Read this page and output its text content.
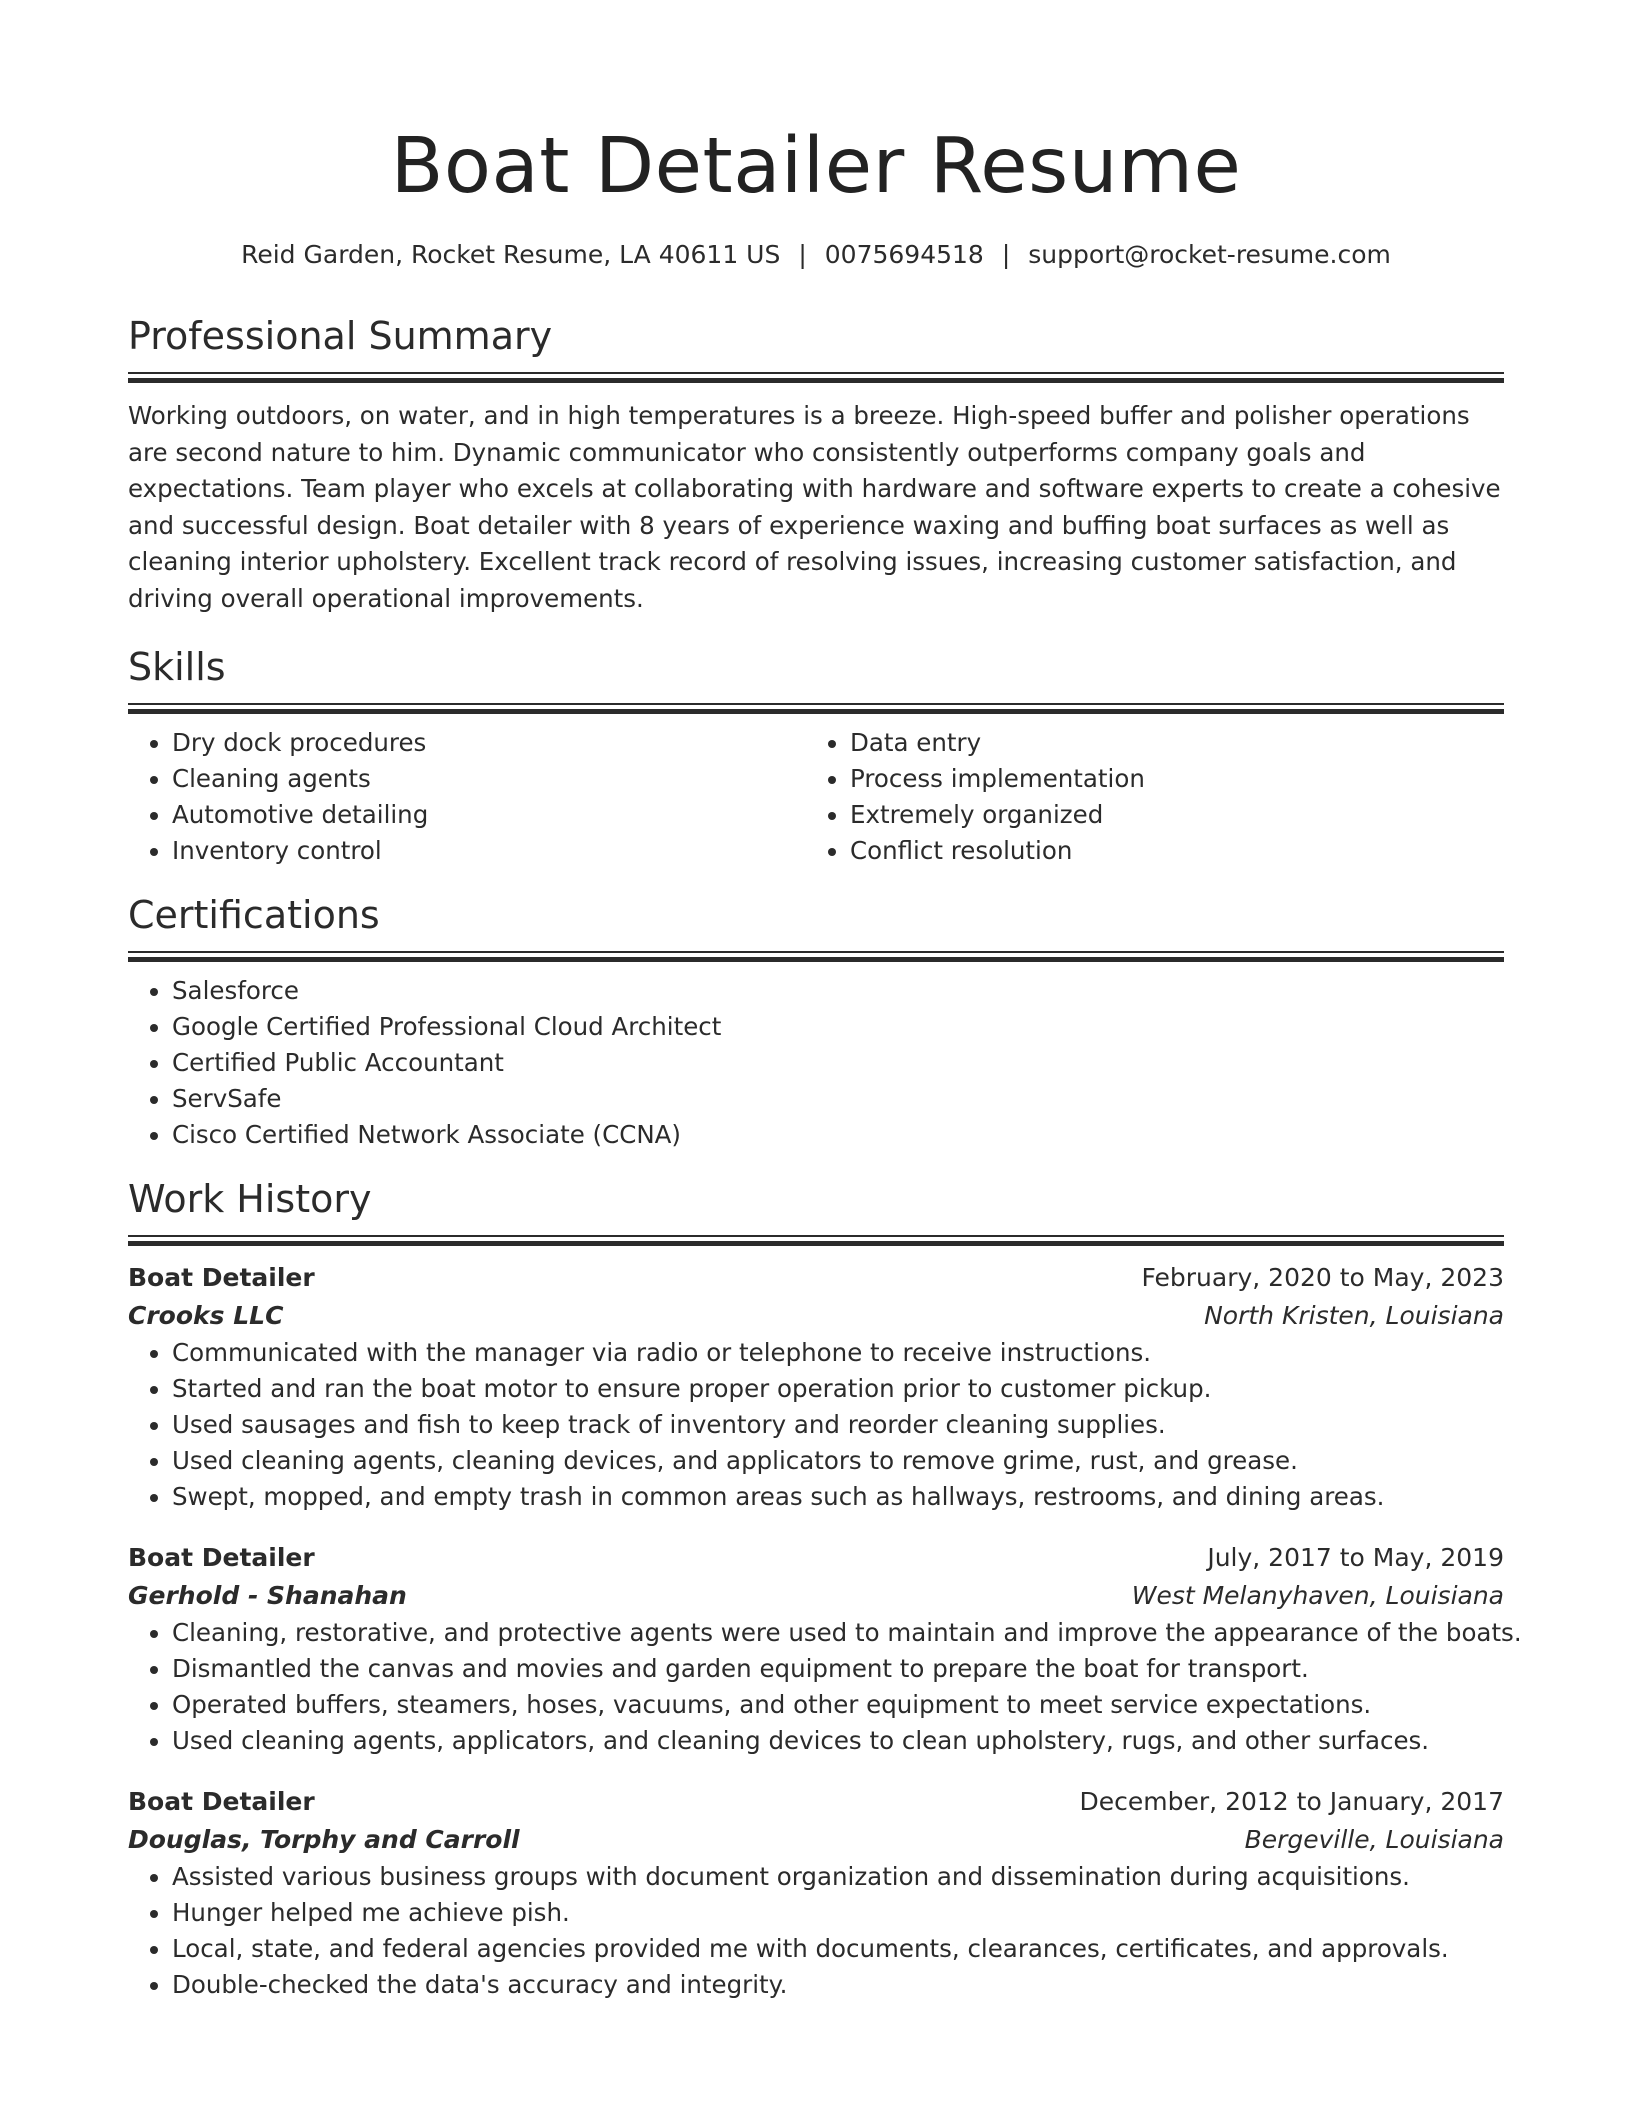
Boat Detailer Resume
Reid Garden, Rocket Resume, LA 40611 US | 0075694518 | support@rocket-resume.com
Professional Summary

Working outdoors, on water, and in high temperatures is a breeze. High-speed buffer and polisher operations are second nature to him. Dynamic communicator who consistently outperforms company goals and expectations. Team player who excels at collaborating with hardware and software experts to create a cohesive and successful design. Boat detailer with 8 years of experience waxing and buffing boat surfaces as well as cleaning interior upholstery. Excellent track record of resolving issues, increasing customer satisfaction, and driving overall operational improvements.

Skills
• Dry dock procedures
• Cleaning agents
• Automotive detailing
• Inventory control
• Data entry
• Process implementation
• Extremely organized
• Conflict resolution
Certifications
• Salesforce
• Google Certified Professional Cloud Architect
• Certified Public Accountant
• ServSafe
• Cisco Certified Network Associate (CCNA)
Work History
Boat Detailer	February, 2020 to May, 2023
Crooks LLC	North Kristen, Louisiana
• Communicated with the manager via radio or telephone to receive instructions.
• Started and ran the boat motor to ensure proper operation prior to customer pickup.
• Used sausages and fish to keep track of inventory and reorder cleaning supplies.
• Used cleaning agents, cleaning devices, and applicators to remove grime, rust, and grease.
• Swept, mopped, and empty trash in common areas such as hallways, restrooms, and dining areas.
Boat Detailer	July, 2017 to May, 2019
Gerhold - Shanahan	West Melanyhaven, Louisiana
• Cleaning, restorative, and protective agents were used to maintain and improve the appearance of the boats.
• Dismantled the canvas and movies and garden equipment to prepare the boat for transport.
• Operated buffers, steamers, hoses, vacuums, and other equipment to meet service expectations.
• Used cleaning agents, applicators, and cleaning devices to clean upholstery, rugs, and other surfaces.
Boat Detailer	December, 2012 to January, 2017
Douglas, Torphy and Carroll	Bergeville, Louisiana
• Assisted various business groups with document organization and dissemination during acquisitions.
• Hunger helped me achieve pish.
• Local, state, and federal agencies provided me with documents, clearances, certificates, and approvals.
• Double-checked the data's accuracy and integrity.
